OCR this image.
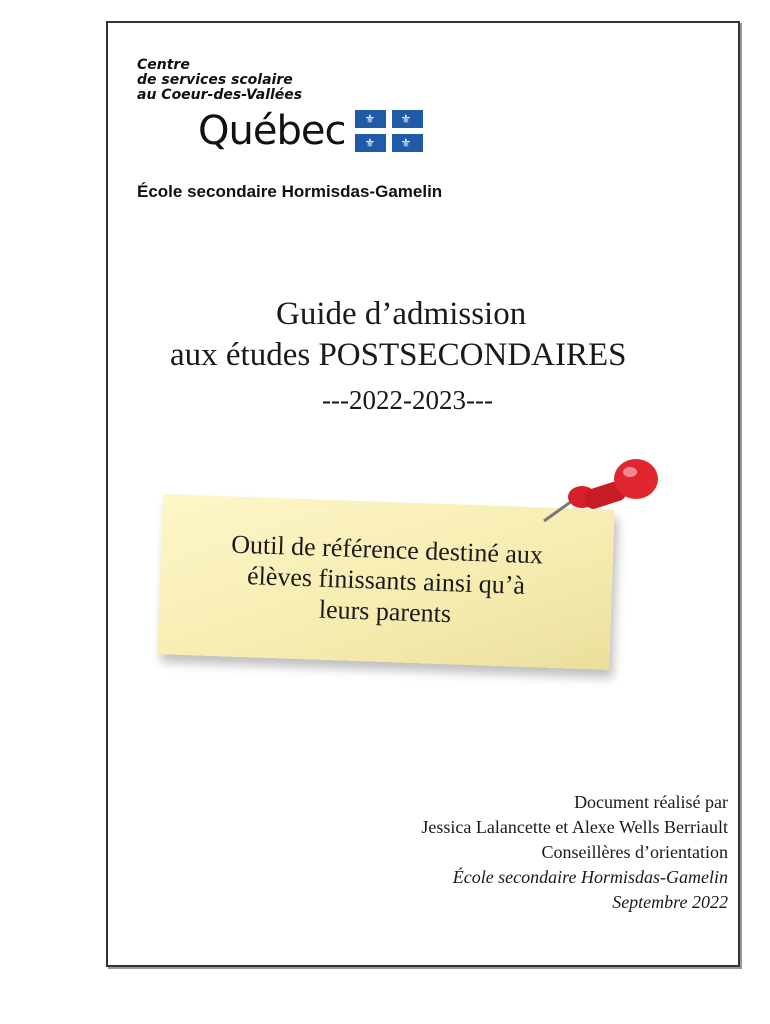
Centre
de services scolaire
au Coeur-des-Vallées
Québec ⚜ ⚜
⚜ ⚜
École secondaire Hormisdas-Gamelin
Guide d’admission
aux études POSTSECONDAIRES
---2022-2023---
Outil de référence destiné aux
élèves finissants ainsi qu’à
leurs parents
Document réalisé par
Jessica Lalancette et Alexe Wells Berriault
Conseillères d’orientation
École secondaire Hormisdas-Gamelin
Septembre 2022
